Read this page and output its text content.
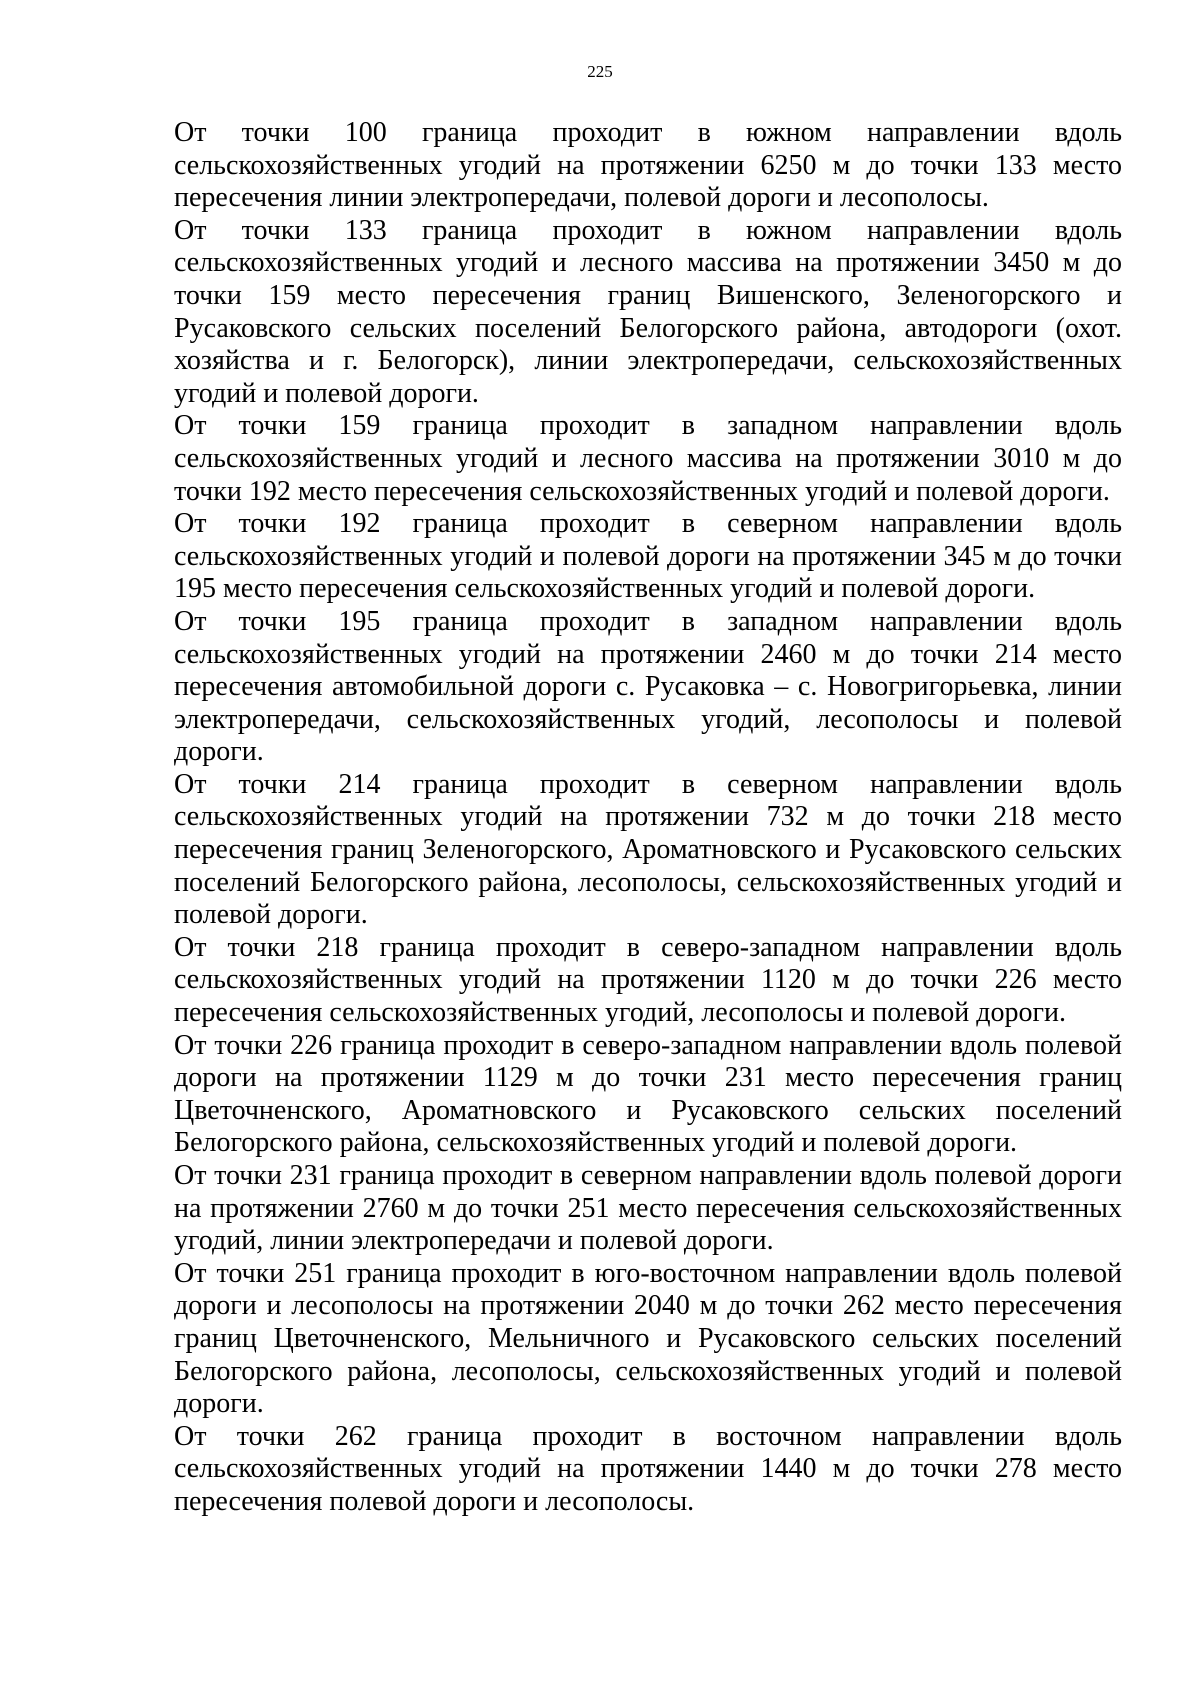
225

От точки 100 граница проходит в южном направлении вдоль сельскохозяйственных угодий на протяжении 6250 м до точки 133 место пересечения линии электропередачи, полевой дороги и лесополосы.

От точки 133 граница проходит в южном направлении вдоль сельскохозяйственных угодий и лесного массива на протяжении 3450 м до точки 159 место пересечения границ Вишенского, Зеленогорского и Русаковского сельских поселений Белогорского района, автодороги (охот. хозяйства и г. Белогорск), линии электропередачи, сельскохозяйственных угодий и полевой дороги.

От точки 159 граница проходит в западном направлении вдоль сельскохозяйственных угодий и лесного массива на протяжении 3010 м до точки 192 место пересечения сельскохозяйственных угодий и полевой дороги.

От точки 192 граница проходит в северном направлении вдоль сельскохозяйственных угодий и полевой дороги на протяжении 345 м до точки 195 место пересечения сельскохозяйственных угодий и полевой дороги.

От точки 195 граница проходит в западном направлении вдоль сельскохозяйственных угодий на протяжении 2460 м до точки 214 место пересечения автомобильной дороги с. Русаковка – с. Новогригорьевка, линии электропередачи, сельскохозяйственных угодий, лесополосы и полевой дороги.

От точки 214 граница проходит в северном направлении вдоль сельскохозяйственных угодий на протяжении 732 м до точки 218 место пересечения границ Зеленогорского, Ароматновского и Русаковского сельских поселений Белогорского района, лесополосы, сельскохозяйственных угодий и полевой дороги.

От точки 218 граница проходит в северо-западном направлении вдоль сельскохозяйственных угодий на протяжении 1120 м до точки 226 место пересечения сельскохозяйственных угодий, лесополосы и полевой дороги.

От точки 226 граница проходит в северо-западном направлении вдоль полевой дороги на протяжении 1129 м до точки 231 место пересечения границ Цветочненского, Ароматновского и Русаковского сельских поселений Белогорского района, сельскохозяйственных угодий и полевой дороги.

От точки 231 граница проходит в северном направлении вдоль полевой дороги на протяжении 2760 м до точки 251 место пересечения сельскохозяйственных угодий, линии электропередачи и полевой дороги.

От точки 251 граница проходит в юго-восточном направлении вдоль полевой дороги и лесополосы на протяжении 2040 м до точки 262 место пересечения границ Цветочненского, Мельничного и Русаковского сельских поселений Белогорского района, лесополосы, сельскохозяйственных угодий и полевой дороги.

От точки 262 граница проходит в восточном направлении вдоль сельскохозяйственных угодий на протяжении 1440 м до точки 278 место пересечения полевой дороги и лесополосы.
